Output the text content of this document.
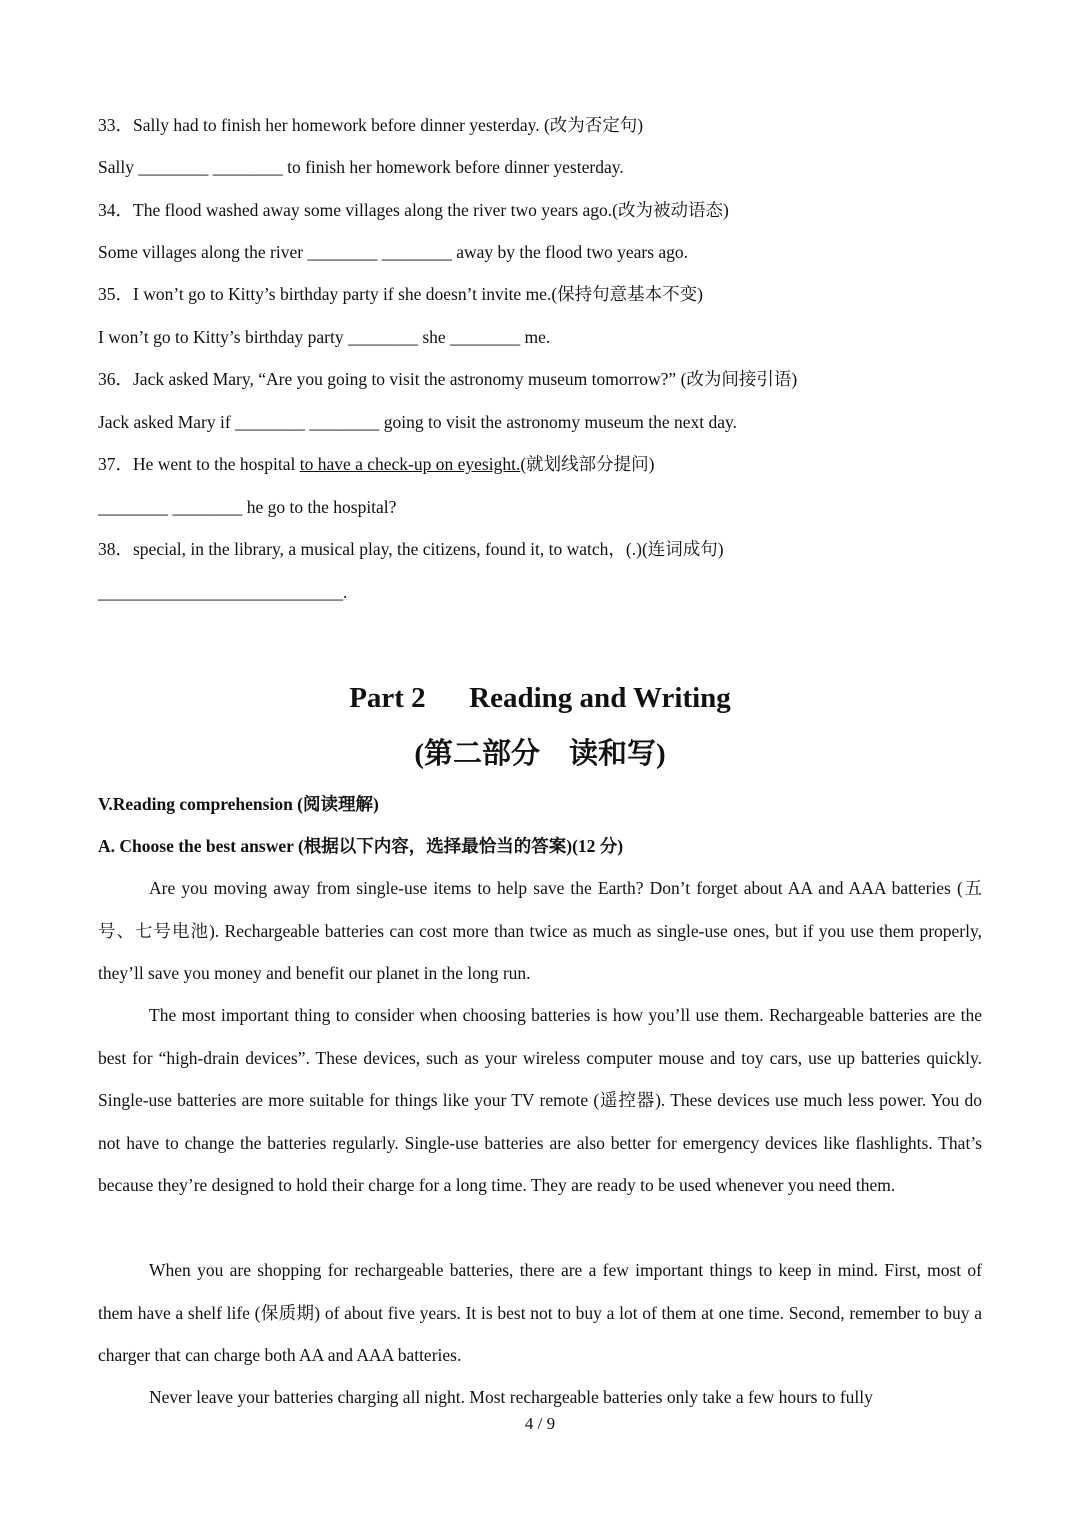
33．Sally had to finish her homework before dinner yesterday. (改为否定句)
Sally ________ ________ to finish her homework before dinner yesterday.
34．The flood washed away some villages along the river two years ago.(改为被动语态)
Some villages along the river ________ ________ away by the flood two years ago.
35．I won’t go to Kitty’s birthday party if she doesn’t invite me.(保持句意基本不变)
I won’t go to Kitty’s birthday party ________ she ________ me.
36．Jack asked Mary, “Are you going to visit the astronomy museum tomorrow?” (改为间接引语)
Jack asked Mary if ________ ________ going to visit the astronomy museum the next day.
37．He went to the hospital to have a check-up on eyesight.(就划线部分提问)
________ ________ he go to the hospital?
38．special, in the library, a musical play, the citizens, found it, to watch，(.)(连词成句)
____________________________.
Part 2      Reading and Writing
(第二部分    读和写)
V.Reading comprehension (阅读理解)
A. Choose the best answer (根据以下内容，选择最恰当的答案)(12 分)

Are you moving away from single-use items to help save the Earth? Don’t forget about AA and AAA batteries (五号、七号电池). Rechargeable batteries can cost more than twice as much as single-use ones, but if you use them properly, they’ll save you money and benefit our planet in the long run.

The most important thing to consider when choosing batteries is how you’ll use them. Rechargeable batteries are the best for “high-drain devices”. These devices, such as your wireless computer mouse and toy cars, use up batteries quickly. Single-use batteries are more suitable for things like your TV remote (遥控器). These devices use much less power. You do not have to change the batteries regularly. Single-use batteries are also better for emergency devices like flashlights. That’s because they’re designed to hold their charge for a long time. They are ready to be used whenever you need them.

When you are shopping for rechargeable batteries, there are a few important things to keep in mind. First, most of them have a shelf life (保质期) of about five years. It is best not to buy a lot of them at one time. Second, remember to buy a charger that can charge both AA and AAA batteries.

Never leave your batteries charging all night. Most rechargeable batteries only take a few hours to fully

4 / 9
